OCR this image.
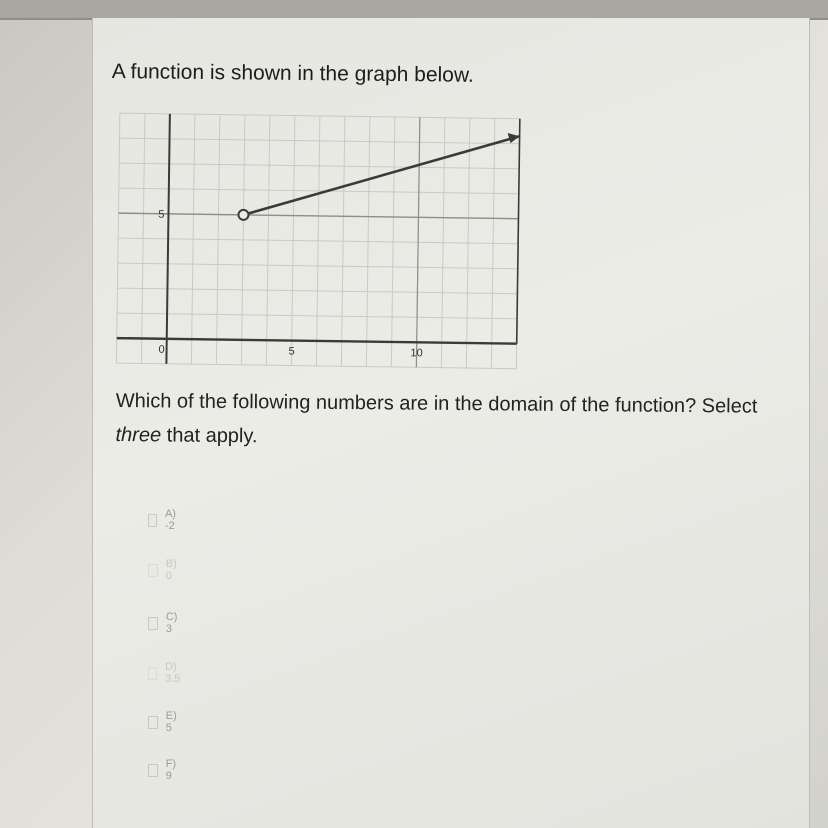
A function is shown in the graph below.
5
0	5	10
Which of the following numbers are in the domain of the function? Select three that apply.
A) -2
B) 0
C) 3
D) 3.5
E) 5
F) 9
